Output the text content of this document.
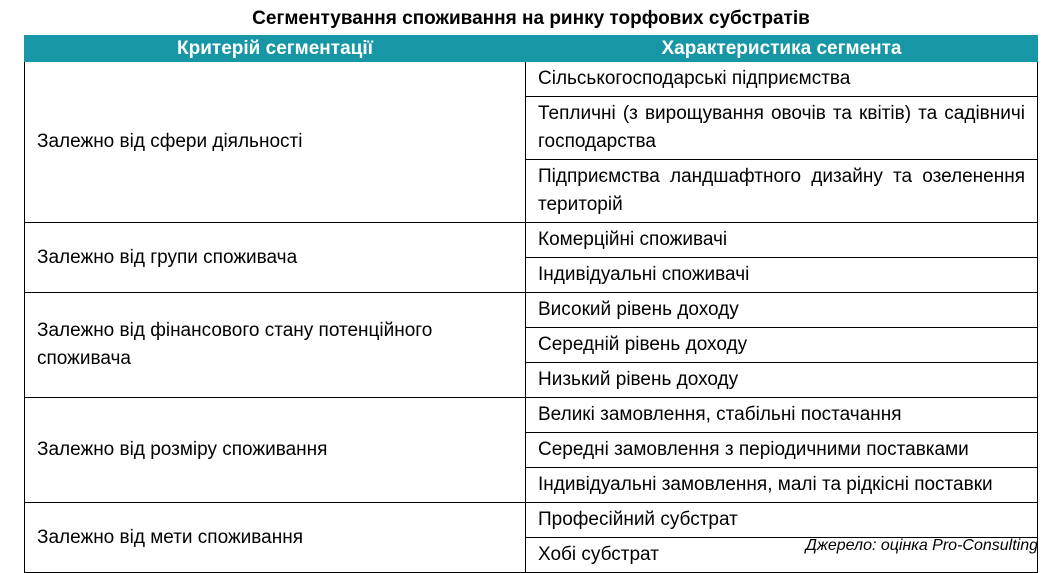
Сегментування споживання на ринку торфових субстратів
Критерій сегментації	Характеристика сегмента
Залежно від сфери діяльності	Сільськогосподарські підприємства
	Тепличні (з вирощування овочів та квітів) та садівничі господарства
	Підприємства ландшафтного дизайну та озеленення територій
Залежно від групи споживача	Комерційні споживачі
	Індивідуальні споживачі
Залежно від фінансового стану потенційного споживача	Високий рівень доходу
	Середній рівень доходу
	Низький рівень доходу
Залежно від розміру споживання	Великі замовлення, стабільні постачання
	Середні замовлення з періодичними поставками
	Індивідуальні замовлення, малі та рідкісні поставки
Залежно від мети споживання	Професійний субстрат
	Хобі субстрат	Джерело: оцінка Pro-Consulting
